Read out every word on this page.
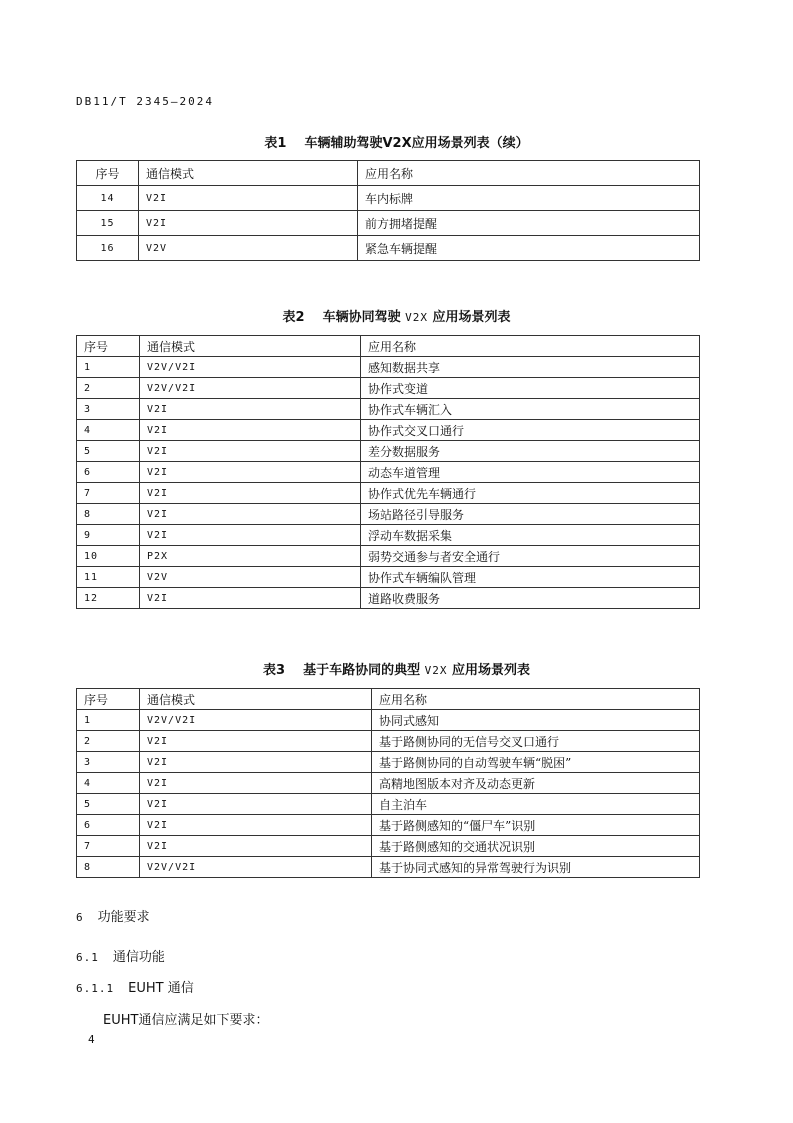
DB11/T 2345—2024
表1 车辆辅助驾驶V2X应用场景列表（续）
序号	通信模式	应用名称
14	V2I	车内标牌
15	V2I	前方拥堵提醒
16	V2V	紧急车辆提醒
表2 车辆协同驾驶 V2X 应用场景列表
序号	通信模式	应用名称
1	V2V/V2I	感知数据共享
2	V2V/V2I	协作式变道
3	V2I	协作式车辆汇入
4	V2I	协作式交叉口通行
5	V2I	差分数据服务
6	V2I	动态车道管理
7	V2I	协作式优先车辆通行
8	V2I	场站路径引导服务
9	V2I	浮动车数据采集
10	P2X	弱势交通参与者安全通行
11	V2V	协作式车辆编队管理
12	V2I	道路收费服务
表3 基于车路协同的典型 V2X 应用场景列表
序号	通信模式	应用名称
1	V2V/V2I	协同式感知
2	V2I	基于路侧协同的无信号交叉口通行
3	V2I	基于路侧协同的自动驾驶车辆“脱困”
4	V2I	高精地图版本对齐及动态更新
5	V2I	自主泊车
6	V2I	基于路侧感知的“僵尸车”识别
7	V2I	基于路侧感知的交通状况识别
8	V2V/V2I	基于协同式感知的异常驾驶行为识别
6 功能要求
6.1 通信功能
6.1.1 EUHT 通信
EUHT通信应满足如下要求：
4
